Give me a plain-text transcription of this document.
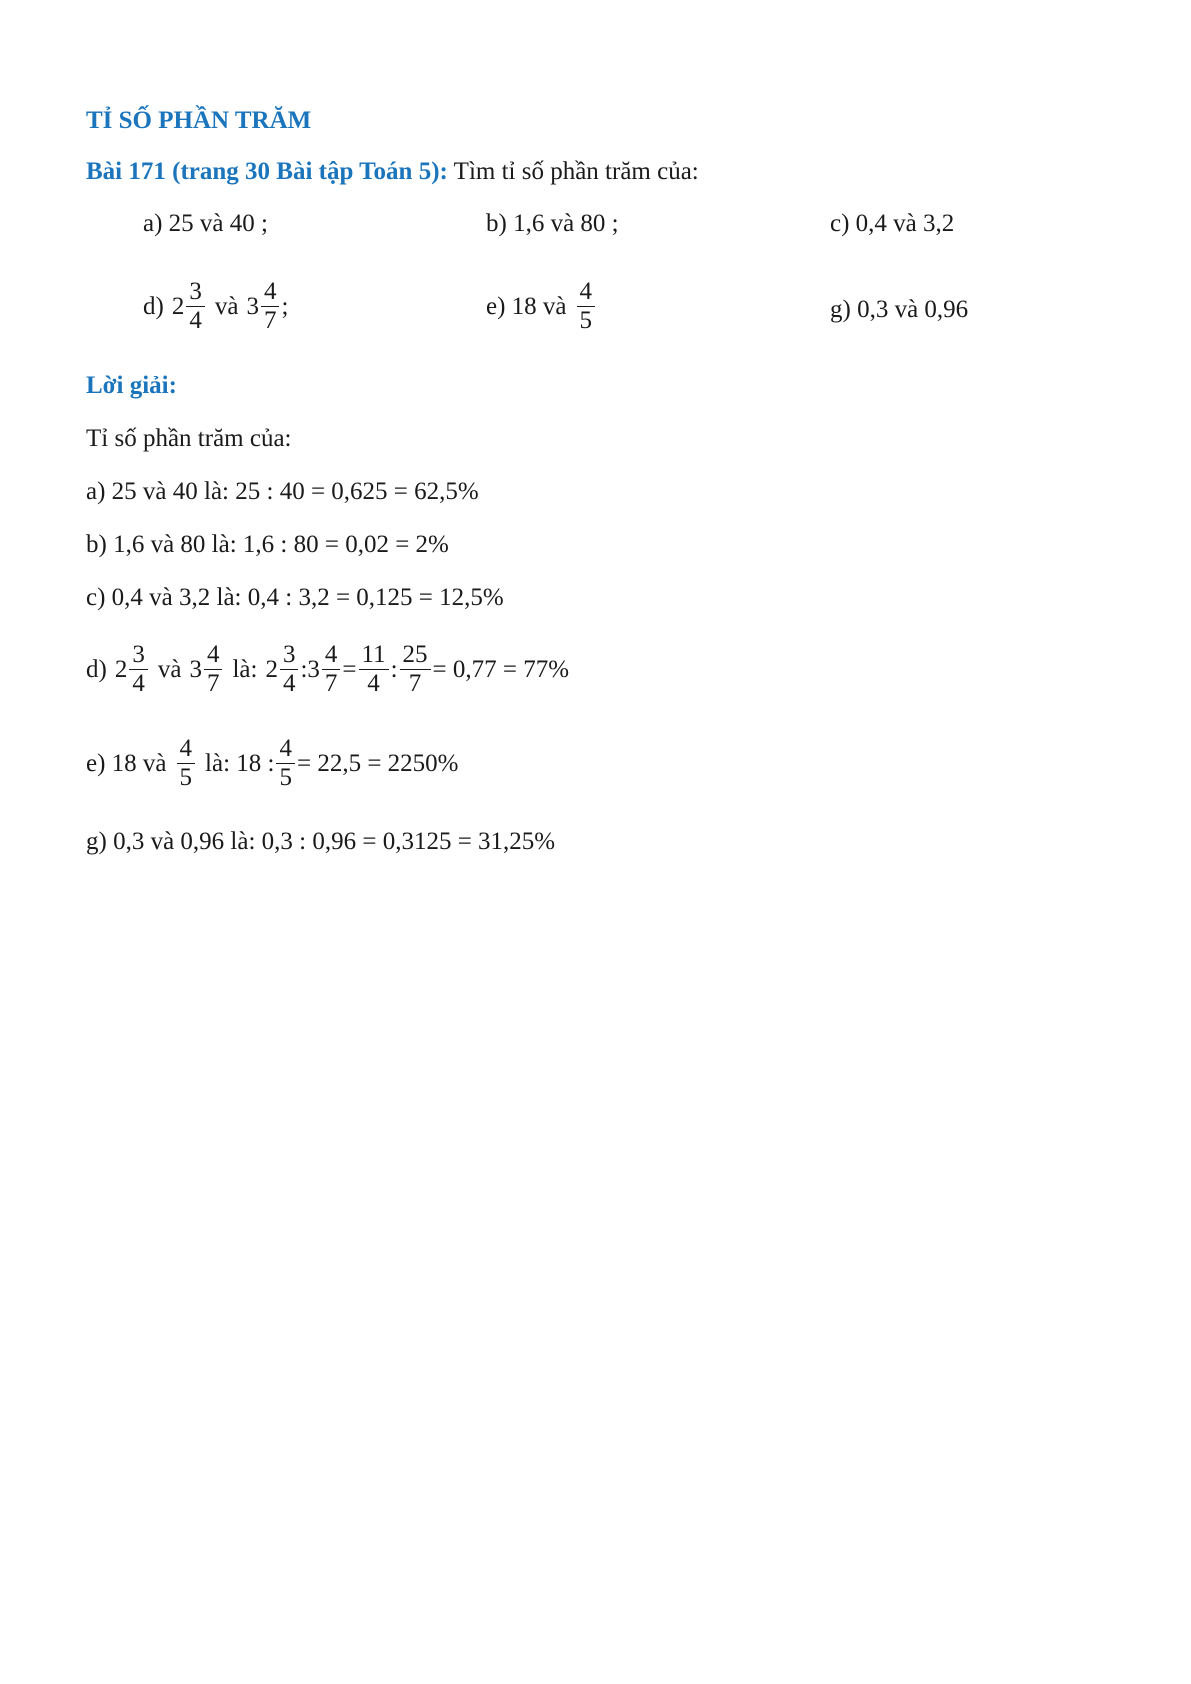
TỈ SỐ PHẦN TRĂM
Bài 171 (trang 30 Bài tập Toán 5): Tìm tỉ số phần trăm của:
a) 25 và 40 ;	b) 1,6 và 80 ;	c) 0,4 và 3,2
d) $2 \frac{3}{4}$ và $3 \frac{4}{7}$ ;	e) 18 và $\frac{4}{5}$	g) 0,3 và 0,96
Lời giải:
Tỉ số phần trăm của:
a) 25 và 40 là: 25 : 40 = 0,625 = 62,5%
b) 1,6 và 80 là: 1,6 : 80 = 0,02 = 2%
c) 0,4 và 3,2 là: 0,4 : 3,2 = 0,125 = 12,5%
d) $2 \frac{3}{4}$ và $3 \frac{4}{7}$ là: $2 \frac{3}{4}$ : $3 \frac{4}{7} = \frac{11}{4}$ : $\frac{25}{7} = 0,77 = 77\%$
e) 18 và $\frac{4}{5}$ là: 18 : $\frac{4}{5} = 22,5 = 2250\%$
g) 0,3 và 0,96 là: 0,3 : 0,96 = 0,3125 = 31,25%
